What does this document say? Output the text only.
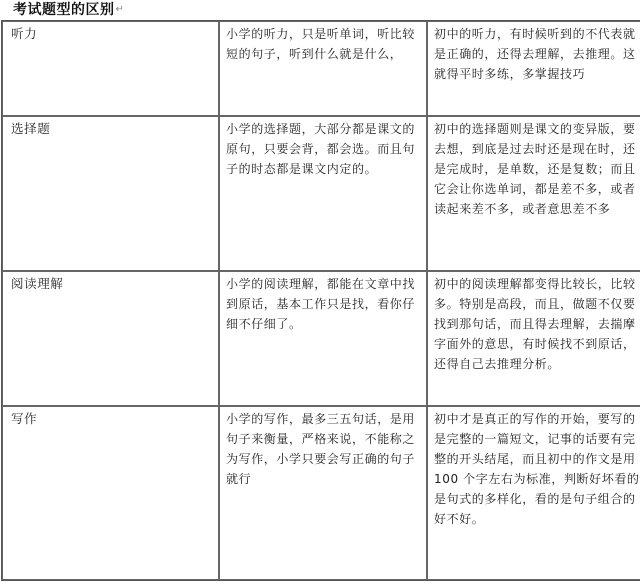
考试题型的区别↵
听力	小学的听力，只是听单词，听比较短的句子，听到什么就是什么，	初中的听力，有时候听到的不代表就是正确的，还得去理解，去推理。这就得平时多练，多掌握技巧
选择题	小学的选择题，大部分都是课文的原句，只要会背，都会选。而且句子的时态都是课文内定的。	初中的选择题则是课文的变异版，要去想，到底是过去时还是现在时，还是完成时，是单数，还是复数；而且它会让你选单词，都是差不多，或者读起来差不多，或者意思差不多
阅读理解	小学的阅读理解，都能在文章中找到原话，基本工作只是找，看你仔细不仔细了。	初中的阅读理解都变得比较长，比较多。特别是高段，而且，做题不仅要找到那句话，而且得去理解，去揣摩字面外的意思，有时候找不到原话，还得自己去推理分析。
写作	小学的写作，最多三五句话，是用句子来衡量，严格来说，不能称之为写作，小学只要会写正确的句子就行	初中才是真正的写作的开始，要写的是完整的一篇短文，记事的话要有完整的开头结尾，而且初中的作文是用 100 个字左右为标准，判断好坏看的是句式的多样化，看的是句子组合的好不好。
